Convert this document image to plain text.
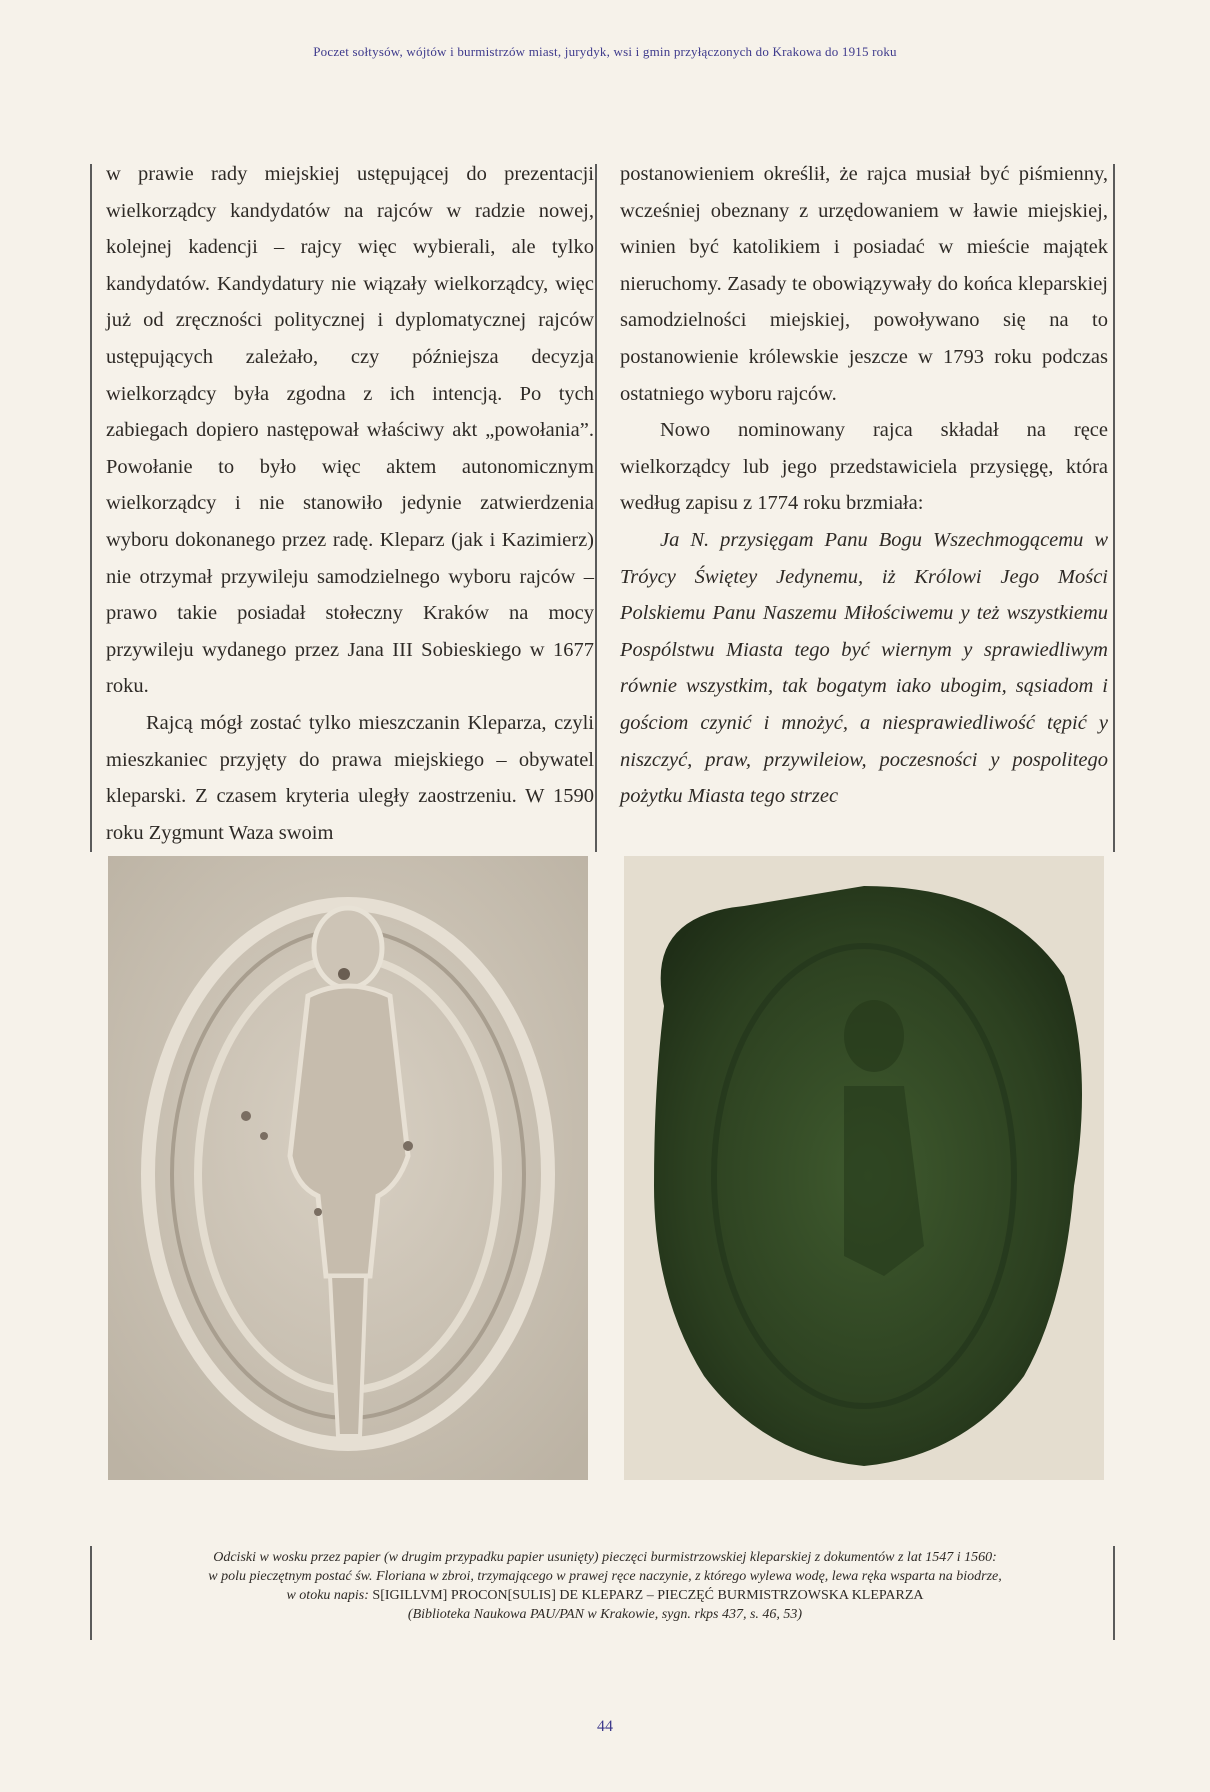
Poczet sołtysów, wójtów i burmistrzów miast, jurydyk, wsi i gmin przyłączonych do Krakowa do 1915 roku

w prawie rady miejskiej ustępującej do prezentacji wielkorządcy kandydatów na rajców w radzie nowej, kolejnej kadencji – rajcy więc wybierali, ale tylko kandydatów. Kandydatury nie wiązały wielkorządcy, więc już od zręczności politycznej i dyplomatycznej rajców ustępujących zależało, czy późniejsza decyzja wielkorządcy była zgodna z ich intencją. Po tych zabiegach dopiero następował właściwy akt „powołania”. Powołanie to było więc aktem autonomicznym wielkorządcy i nie stanowiło jedynie zatwierdzenia wyboru dokonanego przez radę. Kleparz (jak i Kazimierz) nie otrzymał przywileju samodzielnego wyboru rajców – prawo takie posiadał stołeczny Kraków na mocy przywileju wydanego przez Jana III Sobieskiego w 1677 roku.

Rajcą mógł zostać tylko mieszczanin Kleparza, czyli mieszkaniec przyjęty do prawa miejskiego – obywatel kleparski. Z czasem kryteria uległy zaostrzeniu. W 1590 roku Zygmunt Waza swoim

postanowieniem określił, że rajca musiał być piśmienny, wcześniej obeznany z urzędowaniem w ławie miejskiej, winien być katolikiem i posiadać w mieście majątek nieruchomy. Zasady te obowiązywały do końca kleparskiej samodzielności miejskiej, powoływano się na to postanowienie królewskie jeszcze w 1793 roku podczas ostatniego wyboru rajców.

Nowo nominowany rajca składał na ręce wielkorządcy lub jego przedstawiciela przysięgę, która według zapisu z 1774 roku brzmiała:

Ja N. przysięgam Panu Bogu Wszechmogącemu w Tróycy Świętey Jedynemu, iż Królowi Jego Mości Polskiemu Panu Naszemu Miłościwemu y też wszystkiemu Pospólstwu Miasta tego być wiernym y sprawiedliwym równie wszystkim, tak bogatym iako ubogim, sąsiadom i gościom czynić i mnożyć, a niesprawiedliwość tępić y niszczyć, praw, przywileiow, poczesności y pospolitego pożytku Miasta tego strzec

Odciski w wosku przez papier (w drugim przypadku papier usunięty) pieczęci burmistrzowskiej kleparskiej z dokumentów z lat 1547 i 1560:
w polu pieczętnym postać św. Floriana w zbroi, trzymającego w prawej ręce naczynie, z którego wylewa wodę, lewa ręka wsparta na biodrze,
w otoku napis: S[IGILLVM] PROCON[SULIS] DE KLEPARZ – PIECZĘĆ BURMISTRZOWSKA KLEPARZA
(Biblioteka Naukowa PAU/PAN w Krakowie, sygn. rkps 437, s. 46, 53)
44
